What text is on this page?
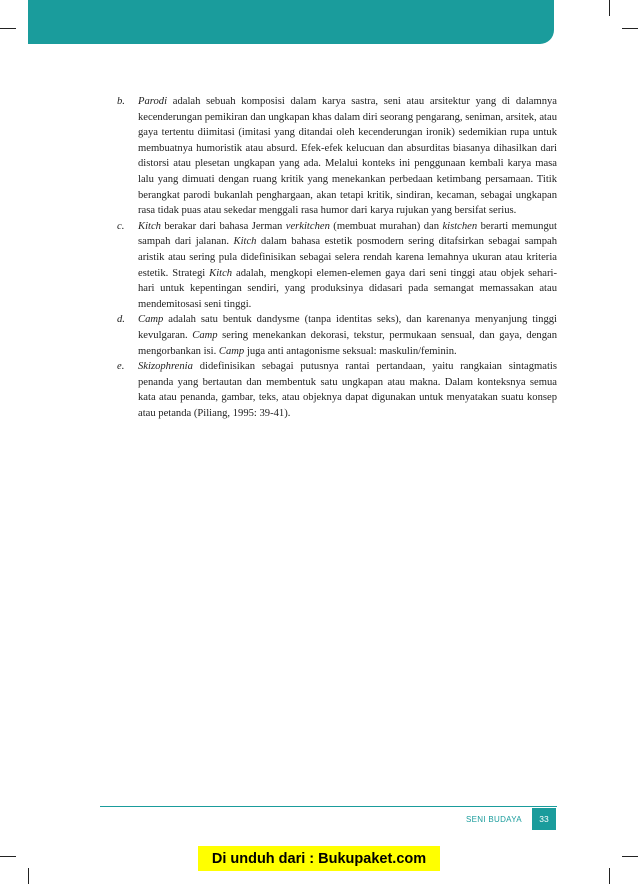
b. Parodi adalah sebuah komposisi dalam karya sastra, seni atau arsitektur yang di dalamnya kecenderungan pemikiran dan ungkapan khas dalam diri seorang pengarang, seniman, arsitek, atau gaya tertentu diimitasi (imitasi yang ditandai oleh kecenderungan ironik) sedemikian rupa untuk membuatnya humoristik atau absurd. Efek-efek kelucuan dan absurditas biasanya dihasilkan dari distorsi atau plesetan ungkapan yang ada. Melalui konteks ini penggunaan kembali karya masa lalu yang dimuati dengan ruang kritik yang menekankan perbedaan ketimbang persamaan. Titik berangkat parodi bukanlah penghargaan, akan tetapi kritik, sindiran, kecaman, sebagai ungkapan rasa tidak puas atau sekedar menggali rasa humor dari karya rujukan yang bersifat serius.

c. Kitch berakar dari bahasa Jerman verkitchen (membuat murahan) dan kistchen berarti memungut sampah dari jalanan. Kitch dalam bahasa estetik posmodern sering ditafsirkan sebagai sampah aristik atau sering pula didefinisikan sebagai selera rendah karena lemahnya ukuran atau kriteria estetik. Strategi Kitch adalah, mengkopi elemen-elemen gaya dari seni tinggi atau objek sehari-hari untuk kepentingan sendiri, yang produksinya didasari pada semangat memassakan atau mendemitosasi seni tinggi.

d. Camp adalah satu bentuk dandysme (tanpa identitas seks), dan karenanya menyanjung tinggi kevulgaran. Camp sering menekankan dekorasi, tekstur, permukaan sensual, dan gaya, dengan mengorbankan isi. Camp juga anti antagonisme seksual: maskulin/feminin.

e. Skizophrenia didefinisikan sebagai putusnya rantai pertandaan, yaitu rangkaian sintagmatis penanda yang bertautan dan membentuk satu ungkapan atau makna. Dalam konteksnya semua kata atau penanda, gambar, teks, atau objeknya dapat digunakan untuk menyatakan suatu konsep atau petanda (Piliang, 1995: 39-41).

SENI BUDAYA	33
Di unduh dari : Bukupaket.com
